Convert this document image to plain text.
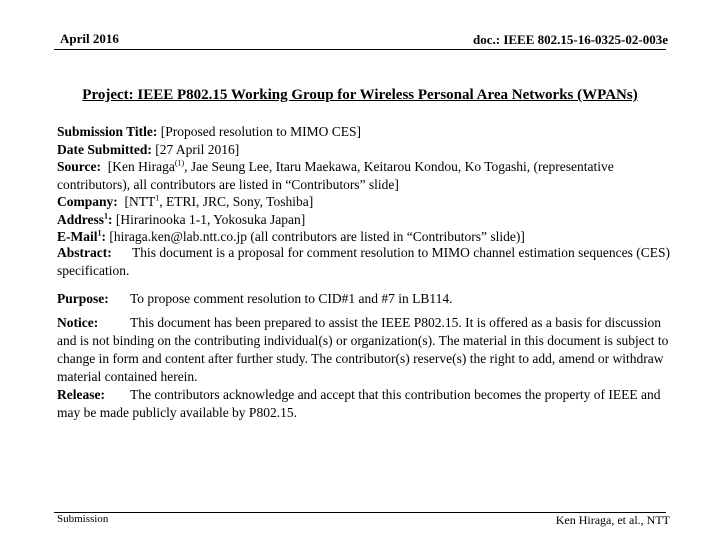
April 2016	doc.: IEEE 802.15-16-0325-02-003e
Project: IEEE P802.15 Working Group for Wireless Personal Area Networks (WPANs)
Submission Title: [Proposed resolution to MIMO CES]
Date Submitted: [27 April 2016]
Source: [Ken Hiraga$^{(1)}$, Jae Seung Lee, Itaru Maekawa, Keitarou Kondou, Ko Togashi, (representative contributors), all contributors are listed in “Contributors” slide]
Company: [NTT$^1$, ETRI, JRC, Sony, Toshiba]
Address$^1$: [Hirarinooka 1-1, Yokosuka Japan]
E-Mail$^1$: [hiraga.ken@lab.ntt.co.jp (all contributors are listed in “Contributors” slide)]
Abstract: This document is a proposal for comment resolution to MIMO channel estimation sequences (CES) specification.
Purpose: To propose comment resolution to CID#1 and #7 in LB114.
Notice: This document has been prepared to assist the IEEE P802.15. It is offered as a basis for discussion and is not binding on the contributing individual(s) or organization(s). The material in this document is subject to change in form and content after further study. The contributor(s) reserve(s) the right to add, amend or withdraw material contained herein.
Release: The contributors acknowledge and accept that this contribution becomes the property of IEEE and may be made publicly available by P802.15.
Submission	Ken Hiraga, et al., NTT
